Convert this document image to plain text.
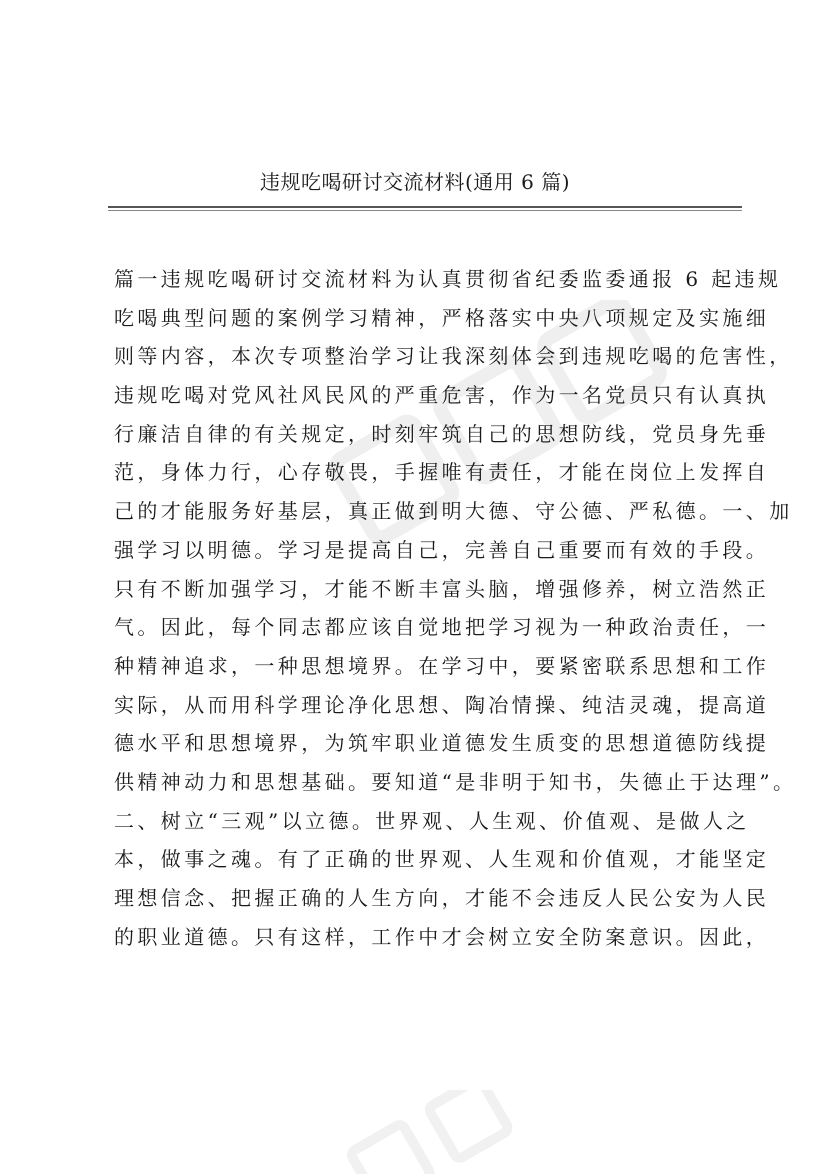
违规吃喝研讨交流材料(通用 6 篇)
篇一违规吃喝研讨交流材料为认真贯彻省纪委监委通报 6 起违规
吃喝典型问题的案例学习精神，严格落实中央八项规定及实施细
则等内容，本次专项整治学习让我深刻体会到违规吃喝的危害性，
违规吃喝对党风社风民风的严重危害，作为一名党员只有认真执
行廉洁自律的有关规定，时刻牢筑自己的思想防线，党员身先垂
范，身体力行，心存敬畏，手握唯有责任，才能在岗位上发挥自
己的才能服务好基层，真正做到明大德、守公德、严私德。一、加
强学习以明德。学习是提高自己，完善自己重要而有效的手段。
只有不断加强学习，才能不断丰富头脑，增强修养，树立浩然正
气。因此，每个同志都应该自觉地把学习视为一种政治责任，一
种精神追求，一种思想境界。在学习中，要紧密联系思想和工作
实际，从而用科学理论净化思想、陶冶情操、纯洁灵魂，提高道
德水平和思想境界，为筑牢职业道德发生质变的思想道德防线提
供精神动力和思想基础。要知道“是非明于知书，失德止于达理”。
二、树立“三观”以立德。世界观、人生观、价值观、是做人之
本，做事之魂。有了正确的世界观、人生观和价值观，才能坚定
理想信念、把握正确的人生方向，才能不会违反人民公安为人民
的职业道德。只有这样，工作中才会树立安全防案意识。因此，
